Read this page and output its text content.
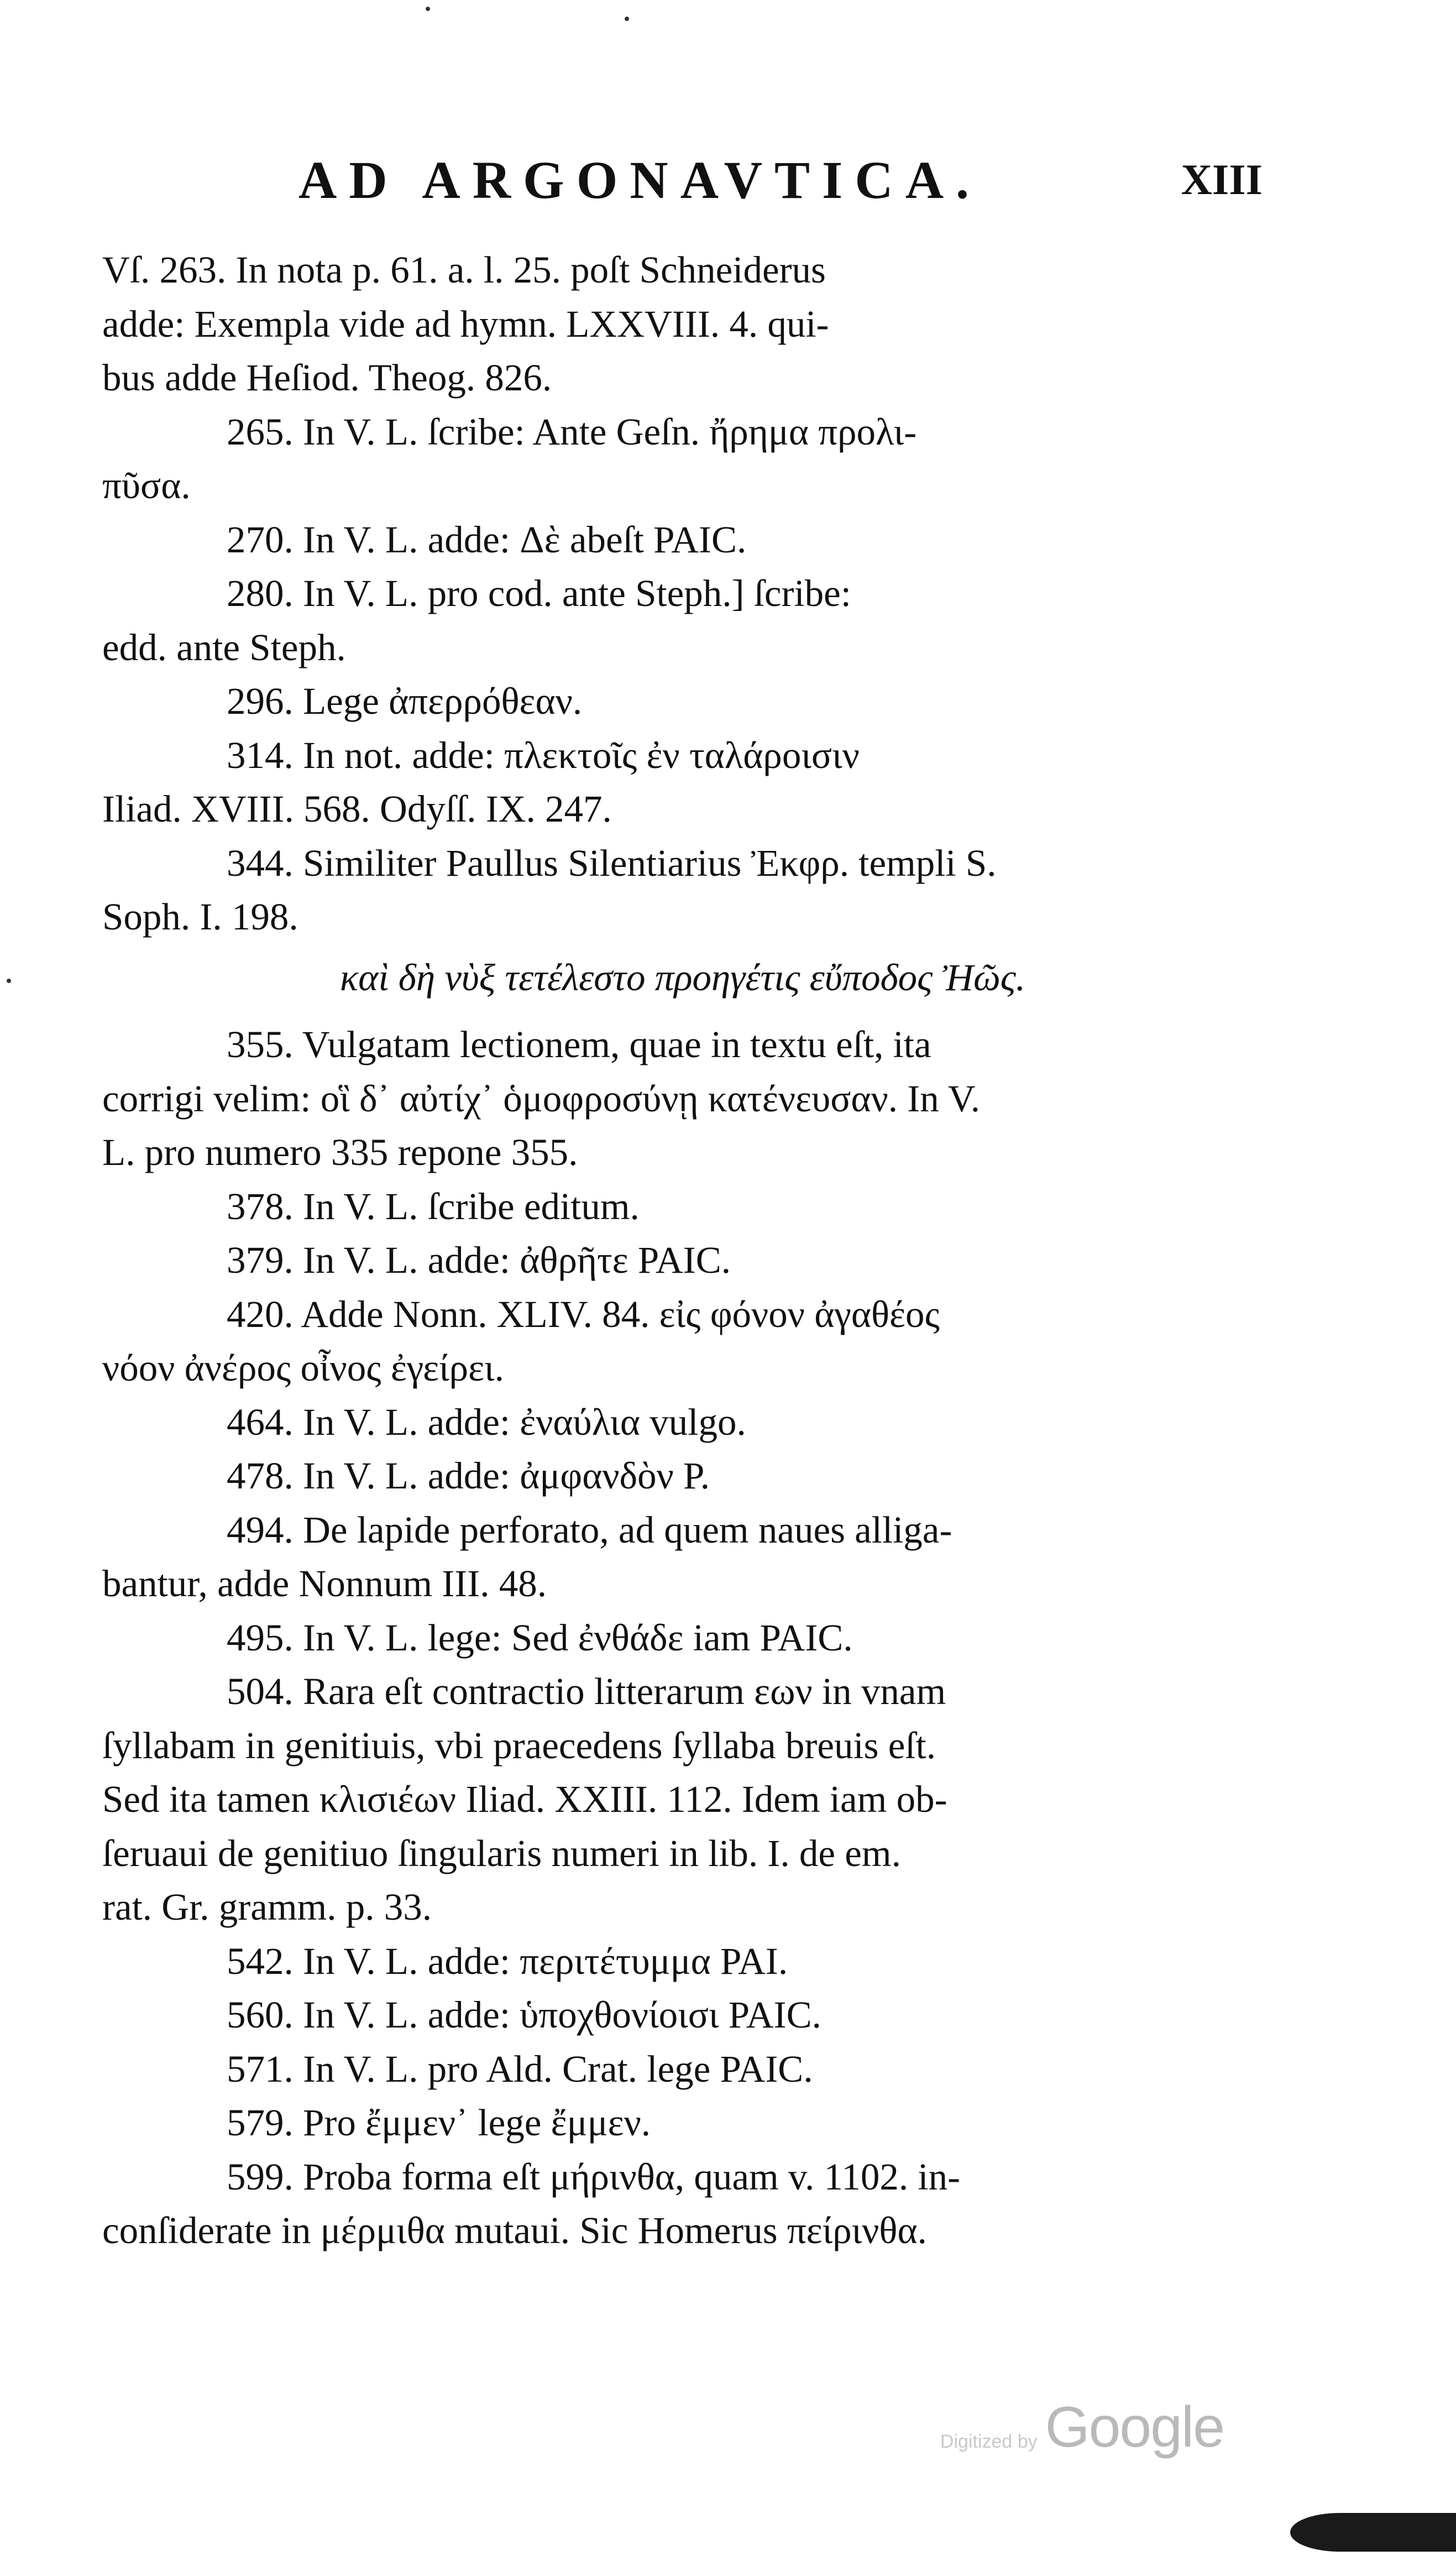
AD ARGONAVTICA.	XIII
Vſ. 263. In nota p. 61. a. l. 25. poſt Schneiderus
adde: Exempla vide ad hymn. LXXVIII. 4. qui-
bus adde Heſiod. Theog. 826.
265. In V. L. ſcribe: Ante Geſn. ἤρημα προλι-
πῦσα.
270. In V. L. adde: Δὲ abeſt PAIC.
280. In V. L. pro cod. ante Steph.] ſcribe:
edd. ante Steph.
296. Lege ἀπερρόθεαν.
314. In not. adde: πλεκτοῖς ἐν ταλάροισιν
Iliad. XVIII. 568. Odyſſ. IX. 247.
344. Similiter Paullus Silentiarius Ἐκφρ. templi S.
Soph. I. 198.
καὶ δὴ νὺξ τετέλεστο προηγέτις εὔποδος Ἠῶς.
355. Vulgatam lectionem, quae in textu eſt, ita
corrigi velim: οἳ δ᾽ αὐτίχ᾽ ὁμοφροσύνῃ κατένευσαν. In V.
L. pro numero 335 repone 355.
378. In V. L. ſcribe editum.
379. In V. L. adde: ἀθρῆτε PAIC.
420. Adde Nonn. XLIV. 84. εἰς φόνον ἀγαθέος
νόον ἀνέρος οἶνος ἐγείρει.
464. In V. L. adde: ἐναύλια vulgo.
478. In V. L. adde: ἀμφανδὸν P.
494. De lapide perforato, ad quem naues alliga-
bantur, adde Nonnum III. 48.
495. In V. L. lege: Sed ἐνθάδε iam PAIC.
504. Rara eſt contractio litterarum εων in vnam
ſyllabam in genitiuis, vbi praecedens ſyllaba breuis eſt.
Sed ita tamen κλισιέων Iliad. XXIII. 112. Idem iam ob-
ſeruaui de genitiuo ſingularis numeri in lib. I. de em.
rat. Gr. gramm. p. 33.
542. In V. L. adde: περιτέτυμμα PAI.
560. In V. L. adde: ὑποχθονίοισι PAIC.
571. In V. L. pro Ald. Crat. lege PAIC.
579. Pro ἔμμεν᾽ lege ἔμμεν.
599. Proba forma eſt μήρινθα, quam v. 1102. in-
conſiderate in μέρμιθα mutaui. Sic Homerus πείρινθα.
Digitized by Google
